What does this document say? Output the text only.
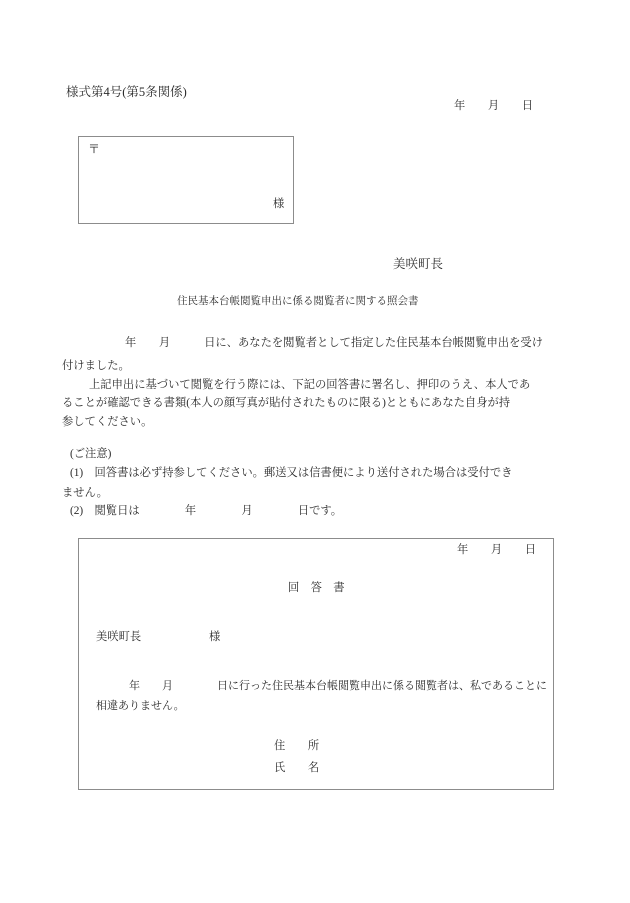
様式第4号(第5条関係)
年　　月　　日
〒
様
美咲町長
住民基本台帳閲覧申出に係る閲覧者に関する照会書
年　　月　　　日に、あなたを閲覧者として指定した住民基本台帳閲覧申出を受け
付けました。
上記申出に基づいて閲覧を行う際には、下記の回答書に署名し、押印のうえ、本人であ
ることが確認できる書類(本人の顔写真が貼付されたものに限る)とともにあなた自身が持
参してください。
(ご注意)
(1)　回答書は必ず持参してください。郵送又は信書便により送付された場合は受付でき
ません。
(2)　閲覧日は　　　　年　　　　月　　　　日です。
年　　月　　日
回　答　書
美咲町長　　　　　　様
年　　月　　　　日に行った住民基本台帳閲覧申出に係る閲覧者は、私であることに
相違ありません。
住　　所
氏　　名
